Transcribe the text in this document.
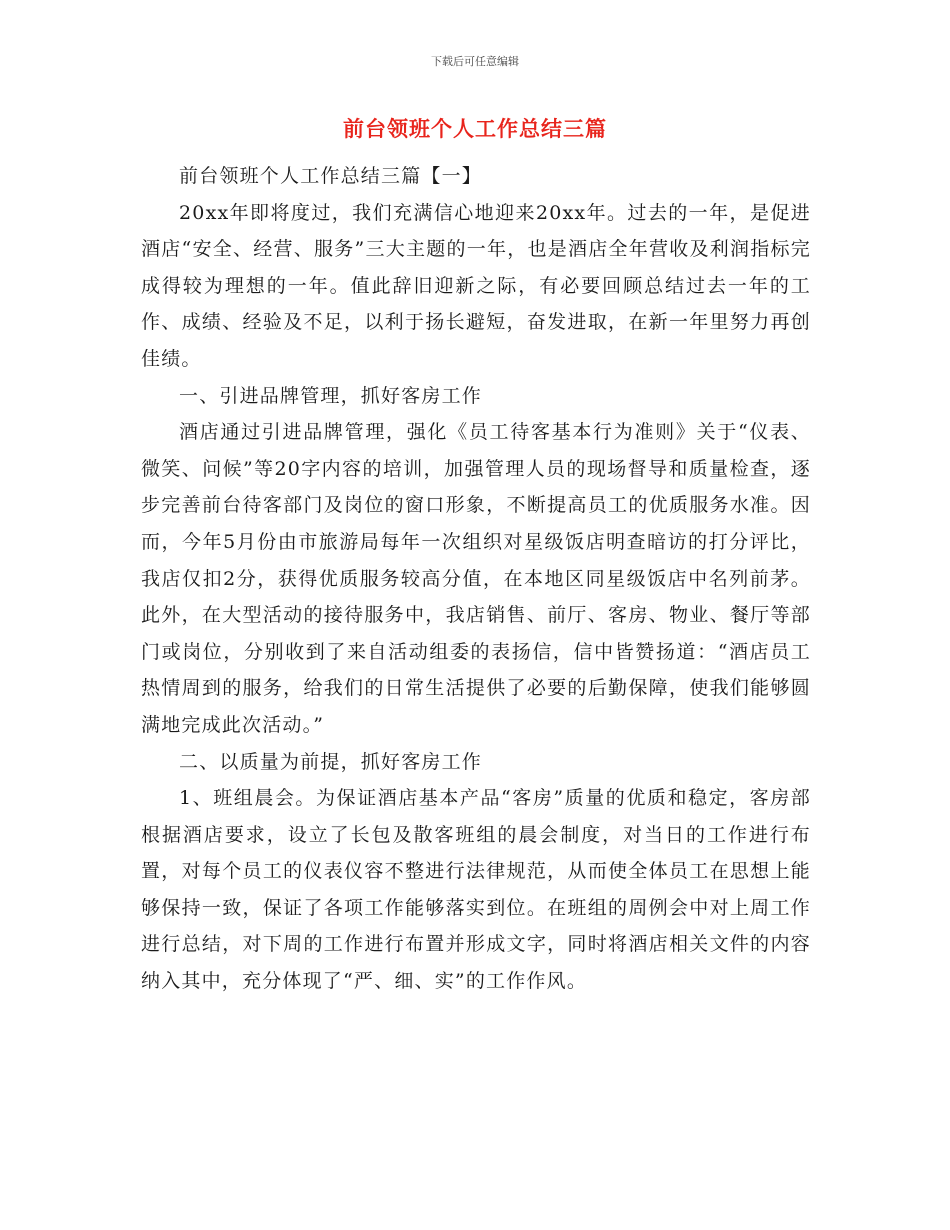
下载后可任意编辑
前台领班个人工作总结三篇

前台领班个人工作总结三篇【一】

20xx年即将度过，我们充满信心地迎来20xx年。过去的一年，是促进酒店“安全、经营、服务”三大主题的一年，也是酒店全年营收及利润指标完成得较为理想的一年。值此辞旧迎新之际，有必要回顾总结过去一年的工作、成绩、经验及不足，以利于扬长避短，奋发进取，在新一年里努力再创佳绩。

一、引进品牌管理，抓好客房工作

酒店通过引进品牌管理，强化《员工待客基本行为准则》关于“仪表、微笑、问候”等20字内容的培训，加强管理人员的现场督导和质量检查，逐步完善前台待客部门及岗位的窗口形象，不断提高员工的优质服务水准。因而，今年5月份由市旅游局每年一次组织对星级饭店明查暗访的打分评比，我店仅扣2分，获得优质服务较高分值，在本地区同星级饭店中名列前茅。此外，在大型活动的接待服务中，我店销售、前厅、客房、物业、餐厅等部门或岗位，分别收到了来自活动组委的表扬信，信中皆赞扬道：“酒店员工热情周到的服务，给我们的日常生活提供了必要的后勤保障，使我们能够圆满地完成此次活动。”

二、以质量为前提，抓好客房工作

1、班组晨会。为保证酒店基本产品“客房”质量的优质和稳定，客房部根据酒店要求，设立了长包及散客班组的晨会制度，对当日的工作进行布置，对每个员工的仪表仪容不整进行法律规范，从而使全体员工在思想上能够保持一致，保证了各项工作能够落实到位。在班组的周例会中对上周工作进行总结，对下周的工作进行布置并形成文字，同时将酒店相关文件的内容纳入其中，充分体现了“严、细、实”的工作作风。
